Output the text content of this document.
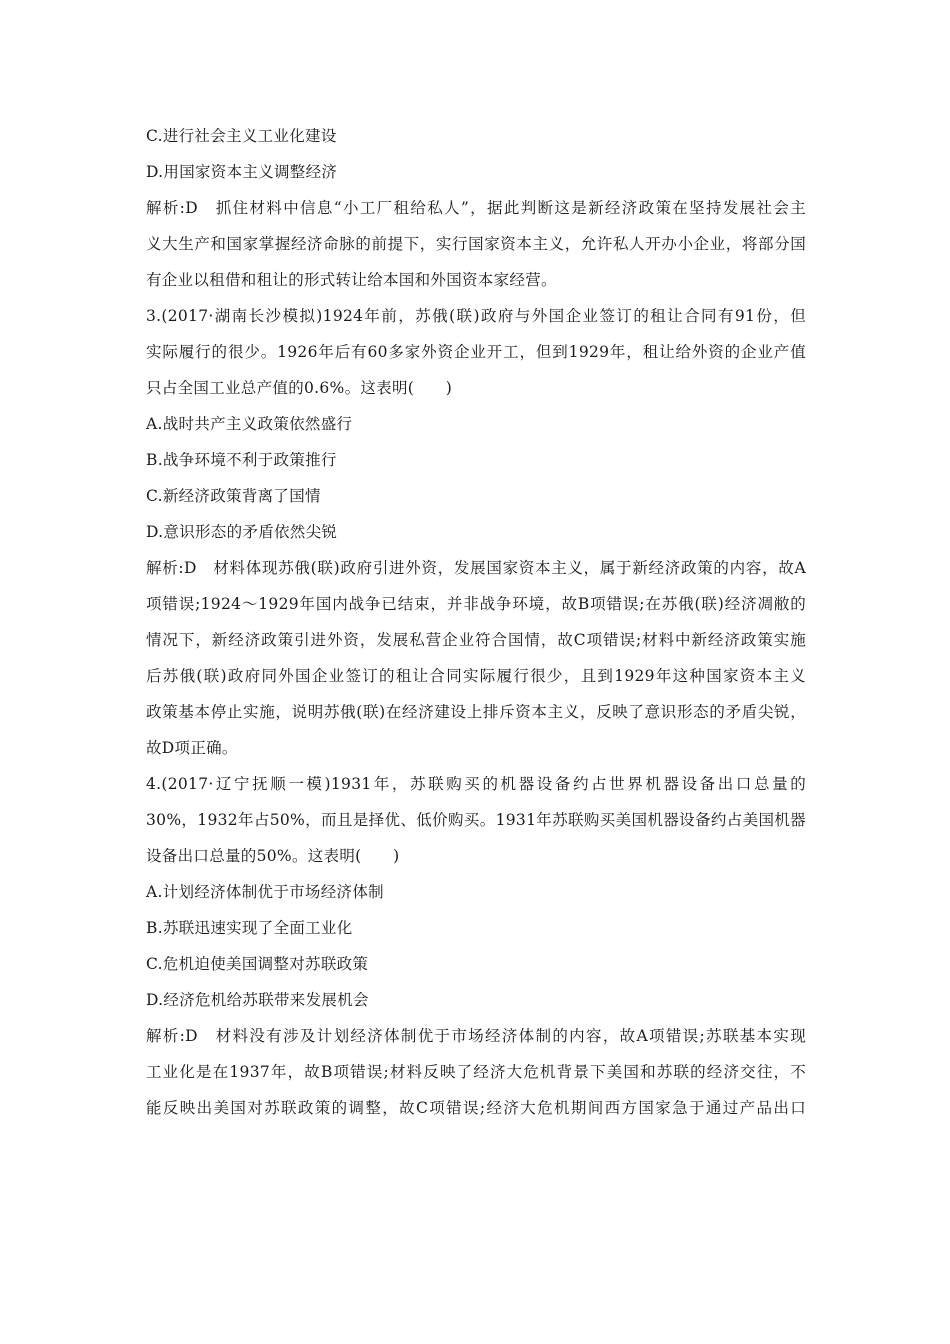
C.进行社会主义工业化建设
D.用国家资本主义调整经济
解析:D　抓住材料中信息“小工厂租给私人”，据此判断这是新经济政策在坚持发展社会主
义大生产和国家掌握经济命脉的前提下，实行国家资本主义，允许私人开办小企业，将部分国
有企业以租借和租让的形式转让给本国和外国资本家经营。
3.(2017·湖南长沙模拟)1924年前，苏俄(联)政府与外国企业签订的租让合同有91份，但
实际履行的很少。1926年后有60多家外资企业开工，但到1929年，租让给外资的企业产值
只占全国工业总产值的0.6%。这表明(　　)
A.战时共产主义政策依然盛行
B.战争环境不利于政策推行
C.新经济政策背离了国情
D.意识形态的矛盾依然尖锐
解析:D　材料体现苏俄(联)政府引进外资，发展国家资本主义，属于新经济政策的内容，故A
项错误;1924～1929年国内战争已结束，并非战争环境，故B项错误;在苏俄(联)经济凋敝的
情况下，新经济政策引进外资，发展私营企业符合国情，故C项错误;材料中新经济政策实施
后苏俄(联)政府同外国企业签订的租让合同实际履行很少，且到1929年这种国家资本主义
政策基本停止实施，说明苏俄(联)在经济建设上排斥资本主义，反映了意识形态的矛盾尖锐，
故D项正确。
4.(2017·辽宁抚顺一模)1931年，苏联购买的机器设备约占世界机器设备出口总量的
30%，1932年占50%，而且是择优、低价购买。1931年苏联购买美国机器设备约占美国机器
设备出口总量的50%。这表明(　　)
A.计划经济体制优于市场经济体制
B.苏联迅速实现了全面工业化
C.危机迫使美国调整对苏联政策
D.经济危机给苏联带来发展机会
解析:D　材料没有涉及计划经济体制优于市场经济体制的内容，故A项错误;苏联基本实现
工业化是在1937年，故B项错误;材料反映了经济大危机背景下美国和苏联的经济交往，不
能反映出美国对苏联政策的调整，故C项错误;经济大危机期间西方国家急于通过产品出口
